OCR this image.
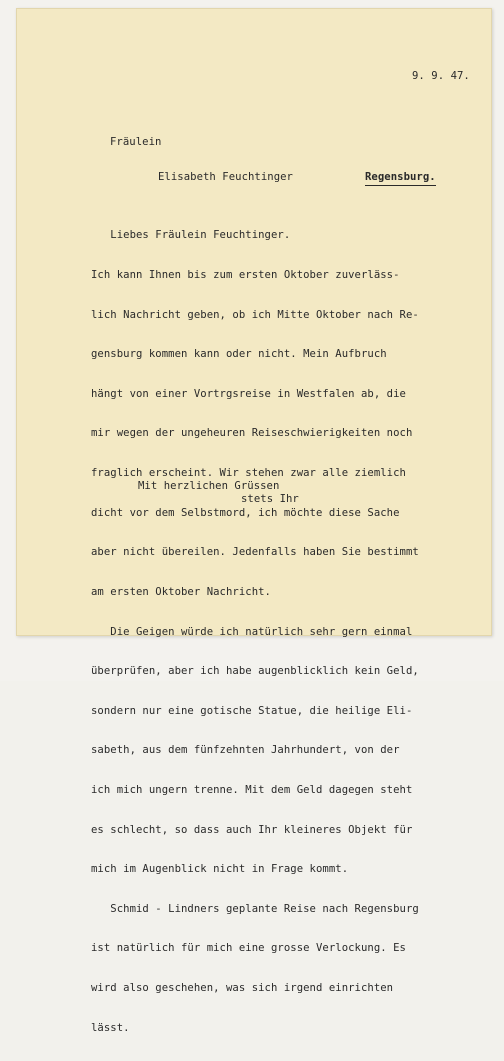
9. 9. 47.
Fräulein
Elisabeth Feuchtinger	Regensburg.

Liebes Fräulein Feuchtinger.

Ich kann Ihnen bis zum ersten Oktober zuverläss-

lich Nachricht geben, ob ich Mitte Oktober nach Re-

gensburg kommen kann oder nicht. Mein Aufbruch

hängt von einer Vortrgsreise in Westfalen ab, die

mir wegen der ungeheuren Reiseschwierigkeiten noch

fraglich erscheint. Wir stehen zwar alle ziemlich

dicht vor dem Selbstmord, ich möchte diese Sache

aber nicht übereilen. Jedenfalls haben Sie bestimmt

am ersten Oktober Nachricht.

Die Geigen würde ich natürlich sehr gern einmal

überprüfen, aber ich habe augenblicklich kein Geld,

sondern nur eine gotische Statue, die heilige Eli-

sabeth, aus dem fünfzehnten Jahrhundert, von der

ich mich ungern trenne. Mit dem Geld dagegen steht

es schlecht, so dass auch Ihr kleineres Objekt für

mich im Augenblick nicht in Frage kommt.

Schmid - Lindners geplante Reise nach Regensburg

ist natürlich für mich eine grosse Verlockung. Es

wird also geschehen, was sich irgend einrichten

lässt.

Mit herzlichen Grüssen
stets Ihr
